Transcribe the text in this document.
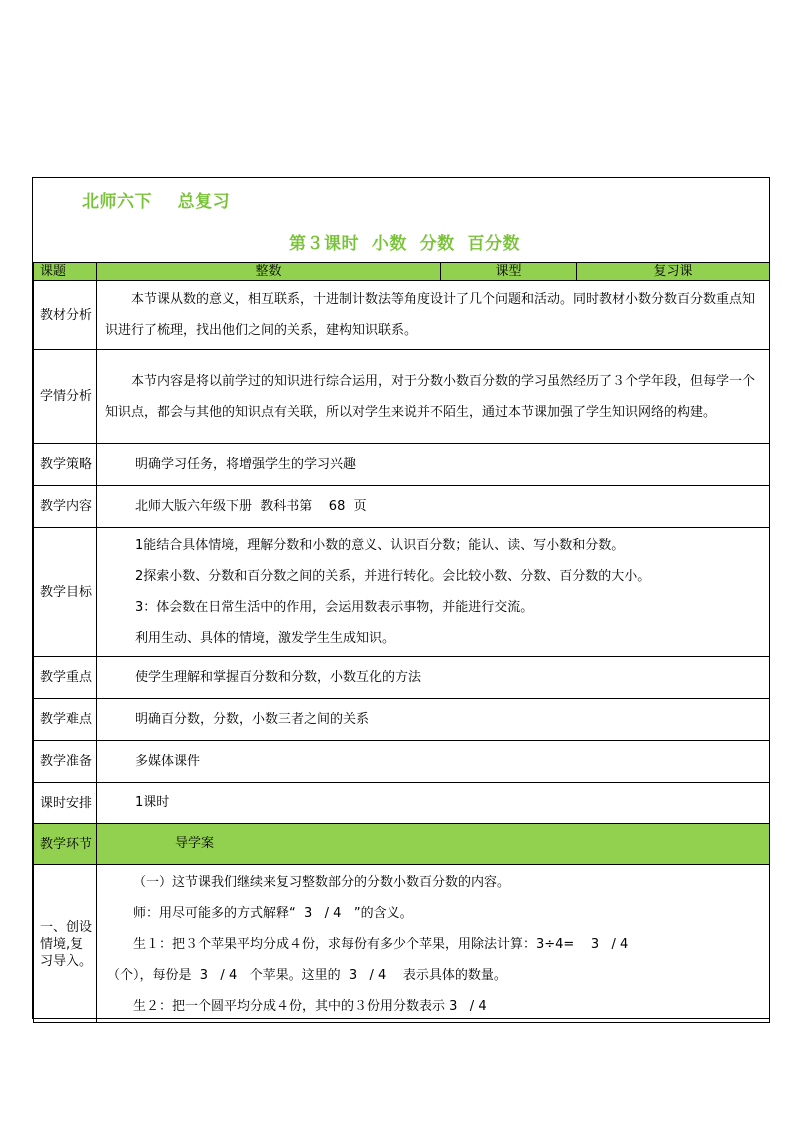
北师六下    总复习
第３课时  小数  分数  百分数
课题	整数	课型	复习课
教材分析	本节课从数的意义，相互联系，十进制计数法等角度设计了几个问题和活动。同时教材小数分数百分数重点知识进行了梳理，找出他们之间的关系，建构知识联系。		

学情分析	本节内容是将以前学过的知识进行综合运用，对于分数小数百分数的学习虽然经历了３个学年段，但每学一个知识点，都会与其他的知识点有关联，所以对学生来说并不陌生，通过本节课加强了学生知识网络的构建。		

教学策略	明确学习任务，将增强学生的学习兴趣		
教学内容	北师大版六年级下册  教科书第    68  页		
教学目标	1能结合具体情境，理解分数和小数的意义、认识百分数；能认、读、写小数和分数。

2探索小数、分数和百分数之间的关系，并进行转化。会比较小数、分数、百分数的大小。

3：体会数在日常生活中的作用，会运用数表示事物，并能进行交流。

利用生动、具体的情境，激发学生生成知识。		

教学重点	使学生理解和掌握百分数和分数，小数互化的方法		
教学难点	明确百分数，分数，小数三者之间的关系		
教学准备	多媒体课件		
课时安排	1课时		
教学环节	导学案		
一、创设情境,复习导入。	（一）这节课我们继续来复习整数部分的分数小数百分数的内容。

师：用尽可能多的方式解释“  3   / 4   ”的含义。

生１：把３个苹果平均分成４份，求每份有多少个苹果，用除法计算：3÷4=    3   / 4

（个），每份是  3   / 4   个苹果。这里的  3   / 4    表示具体的数量。

生２：把一个圆平均分成４份，其中的３份用分数表示 3   / 4		
